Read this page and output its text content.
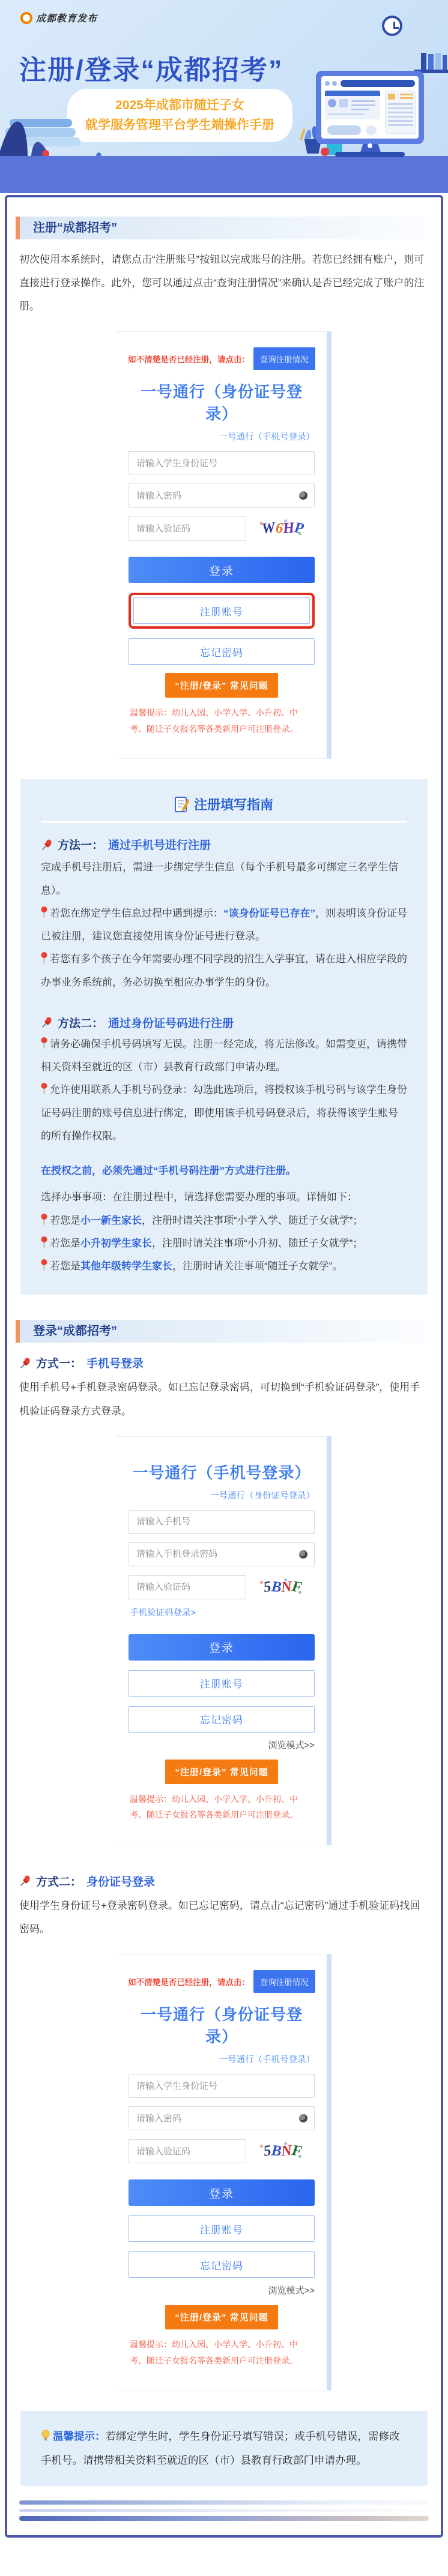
成都教育发布
注册/登录“成都招考”
2025年成都市随迁子女
就学服务管理平台学生端操作手册
注册“成都招考”

初次使用本系统时，请您点击“注册账号”按钮以完成账号的注册。若您已经拥有账户，则可直接进行登录操作。此外，您可以通过点击“查询注册情况”来确认是否已经完成了账户的注册。

如不清楚是否已经注册，请点击：	查询注册情况
一号通行（身份证号登录）
一号通行（手机号登录）
请输入学生身份证号
请输入密码
请输入验证码
W
6
H
P
登录
注册账号
忘记密码
“注册/登录” 常见问题

温馨提示：幼儿入园、小学入学、小升初、中考、随迁子女报名等各类新用户可注册登录。

注册填写指南
方法一： 通过手机号进行注册

完成手机号注册后，需进一步绑定学生信息（每个手机号最多可绑定三名学生信息）。

若您在绑定学生信息过程中遇到提示：“该身份证号已存在”，则表明该身份证号已被注册，建议您直接使用该身份证号进行登录。

若您有多个孩子在今年需要办理不同学段的招生入学事宜，请在进入相应学段的办事业务系统前，务必切换至相应办事学生的身份。

方法二： 通过身份证号码进行注册

请务必确保手机号码填写无误。注册一经完成，将无法修改。如需变更，请携带相关资料至就近的区（市）县教育行政部门申请办理。

允许使用联系人手机号码登录：勾选此选项后，将授权该手机号码与该学生身份证号码注册的账号信息进行绑定，即使用该手机号码登录后，将获得该学生账号的所有操作权限。

在授权之前，必须先通过“手机号码注册”方式进行注册。

选择办事事项：在注册过程中，请选择您需要办理的事项。详情如下：

若您是小一新生家长，注册时请关注事项“小学入学、随迁子女就学”；

若您是小升初学生家长，注册时请关注事项“小升初、随迁子女就学”；

若您是其他年级转学生家长，注册时请关注事项“随迁子女就学”。

登录“成都招考”
方式一： 手机号登录

使用手机号+手机登录密码登录。如已忘记登录密码，可切换到“手机验证码登录”，使用手机验证码登录方式登录。

一号通行（手机号登录）
一号通行（身份证号登录）
请输入手机号
请输入手机登录密码
请输入验证码
5
B
N
F
手机验证码登录>
登录
注册账号
忘记密码
浏览模式>>
“注册/登录” 常见问题

温馨提示：幼儿入园、小学入学、小升初、中考、随迁子女报名等各类新用户可注册登录。

方式二： 身份证号登录

使用学生身份证号+登录密码登录。如已忘记密码，请点击“忘记密码”通过手机验证码找回密码。

如不清楚是否已经注册，请点击：	查询注册情况
一号通行（身份证号登录）
一号通行（手机号登录）
请输入学生身份证号
请输入密码
请输入验证码
5
B
N
F
登录
注册账号
忘记密码
浏览模式>>
“注册/登录” 常见问题

温馨提示：幼儿入园、小学入学、小升初、中考、随迁子女报名等各类新用户可注册登录。

温馨提示：若绑定学生时，学生身份证号填写错误；或手机号错误，需修改手机号。请携带相关资料至就近的区（市）县教育行政部门申请办理。
